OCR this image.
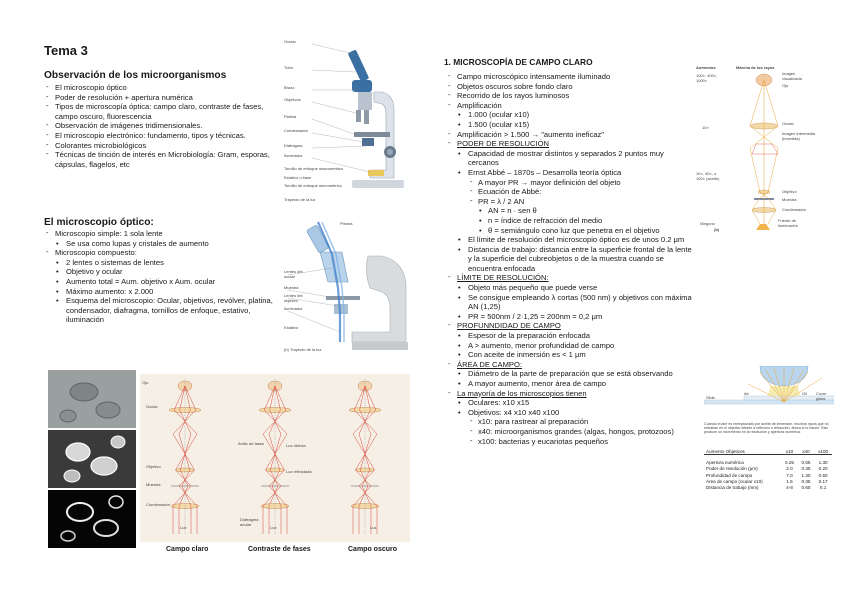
Tema 3
Observación de los microorganismos
- El microscopio óptico
- Poder de resolución + apertura numérica
- Tipos de microscopía óptica: campo claro, contraste de fases, campo oscuro, fluorescencia
- Observación de imágenes tridimensionales.
- El microscopio electrónico: fundamento, tipos y técnicas.
- Colorantes microbiológicos
- Técnicas de tinción de interés en Microbiología: Gram, esporas, cápsulas, flagelos, etc
El microscopio óptico:
- Microscopio simple: 1 sola lente
• Se usa como lupas y cristales de aumento
- Microscopio compuesto:
• 2 lentes o sistemas de lentes
• Objetivo y ocular
• Aumento total = Aum. objetivo x Aum. ocular
• Máximo aumento: x 2.000
• Esquema del microscopio: Ocular, objetivos, revólver, platina, condensador, diafragma, tornillos de enfoque, estativo, iluminación
Ocular
Tubo
Brazo
Objetivos
Platina
Condensador
Diafragma
Iluminador
Tornillo de enfoque macrométrico
Estativo o base
Tornillo de enfoque micrométrico
Trayecto de la luz
Prisma
Lentes del ocular
Muestra
Lentes del objetivo
Iluminador
Estativo
(b) Trayecto de la luz
Ojo
Ocular
Objetivo
Muestra
Condensador
Luz
Anillo de fases	Luz directa
Luz refractada
Diafragma anular
Luz	Luz
Campo claro	Contraste de fases	Campo oscuro
1. MICROSCOPÍA DE CAMPO CLARO
- Campo microscópico intensamente iluminado
- Objetos oscuros sobre fondo claro
- Recorrido de los rayos luminosos
- Amplificación
• 1.000 (ocular x10)
• 1.500 (ocular x15)
- Amplificación > 1.500 → "aumento ineficaz"
- PODER DE RESOLUCIÓN
• Capacidad de mostrar distintos y separados 2 puntos muy cercanos
• Ernst Abbé – 1870s – Desarrolla teoría óptica
- A mayor PR → mayor definición del objeto
- Ecuación de Abbé:
- PR = λ / 2 AN
• AN = n · sen θ
• n = índice de refracción del medio
• θ = semiángulo cono luz que penetra en el objetivo
• El límite de resolución del microscopio óptico es de unos 0.2 μm
• Distancia de trabajo: distancia entre la superficie frontal de la lente y la superficie del cubreobjetos o de la muestra cuando se encuentra enfocada
- LÍMITE DE RESOLUCIÓN:
• Objeto más pequeño que puede verse
• Se consigue empleando λ cortas (500 nm) y objetivos con máxima AN (1,25)
• PR = 500nm / 2·1,25 = 200nm = 0,2 μm
- PROFUNNDIDAD DE CAMPO
• Espesor de la preparación enfocada
• A > aumento, menor profundidad de campo
• Con aceite de inmersión es < 1 μm
- ÁREA DE CAMPO:
• Diámetro de la parte de preparación que se está observando
• A mayor aumento, menor área de campo
- La mayoría de los microscopios tienen
• Oculares: x10 x15
• Objetivos: x4 x10 x40 x100
- x10: para rastrear al preparación
- x40: microorganismos grandes (algas, hongos, protozoos)
- x100: bacterias y eucariotas pequeños
Aumentos	Marcha de los rayos
100×, 400×, 1000×
10×
10×, 40×, o 100× (aceite)
Ninguno
Imagen visualizada
Ojo
Ocular
Imagen intermedia (invertida)
Objetivo
Muestra
Condensador
Fuente de iluminación
(b)
Slide
Air	Oil Cover glass
Cuando el aire es reemplazado por aceite de inmersión, muchos rayos que no entraban en el objetivo debido a reflexión o refracción, ahora sí lo hacen. Esto produce un incremento en la resolución y apertura numérica.
Aumento Objetivos	x10	x40	x100

Apertura numérica	0.25	0.65	1.30
Poder de resolución (μm)	2.0	0.35	0.20
Profundidad de campo	7.0	1.30	0.50
Área de campo (ocular x10)	1.5	0.35	0.17
Distancia de trabajo (mm)	4-8	0.60	0.1
